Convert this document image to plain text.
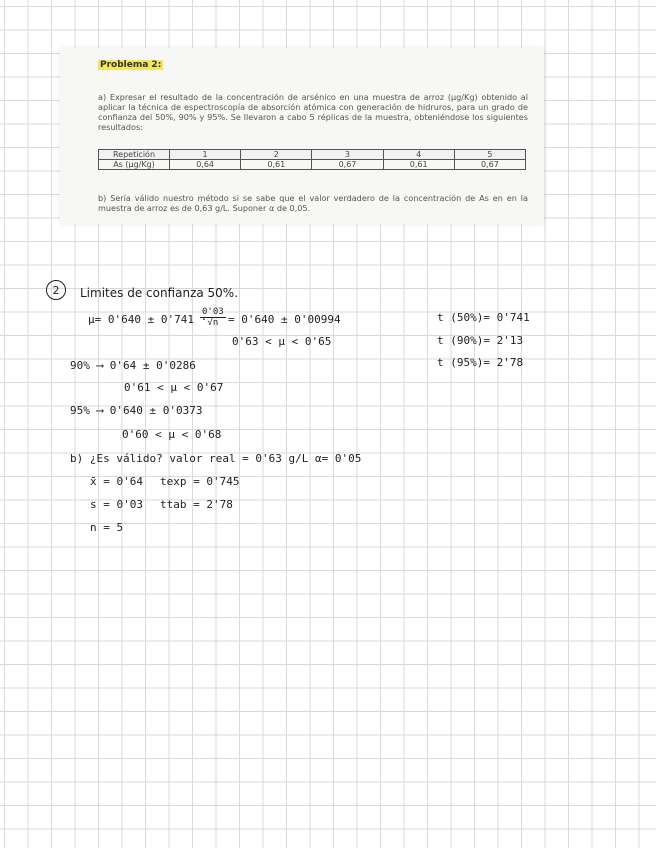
Problema 2:
a) Expresar el resultado de la concentración de arsénico en una muestra de arroz (µg/Kg) obtenido al aplicar la técnica de espectroscopía de absorción atómica con generación de hidruros, para un grado de confianza del 50%, 90% y 95%. Se llevaron a cabo 5 réplicas de la muestra, obteniéndose los siguientes resultados:
Repetición	1	2	3	4	5
As (µg/Kg)	0,64	0,61	0,67	0,61	0,67
b) Sería válido nuestro método si se sabe que el valor verdadero de la concentración de As en en la muestra de arroz es de 0,63 g/L. Suponer α de 0,05.
2	Limites de confianza 50%.
µ= 0'640 ± 0'741 ·
$\frac{0'03}{√n} = 0'640 \pm 0'00994$
0'63 < µ < 0'65
t (50%)= 0'741
t (90%)= 2'13
t (95%)= 2'78
90% ⟶ 0'64 ± 0'0286
0'61 < µ < 0'67
95% ⟶ 0'640 ± 0'0373
0'60 < µ < 0'68
b) ¿Es válido? valor real = 0'63 g/L α= 0'05
x̄ = 0'64 texp = 0'745
s = 0'03 ttab = 2'78
n = 5
